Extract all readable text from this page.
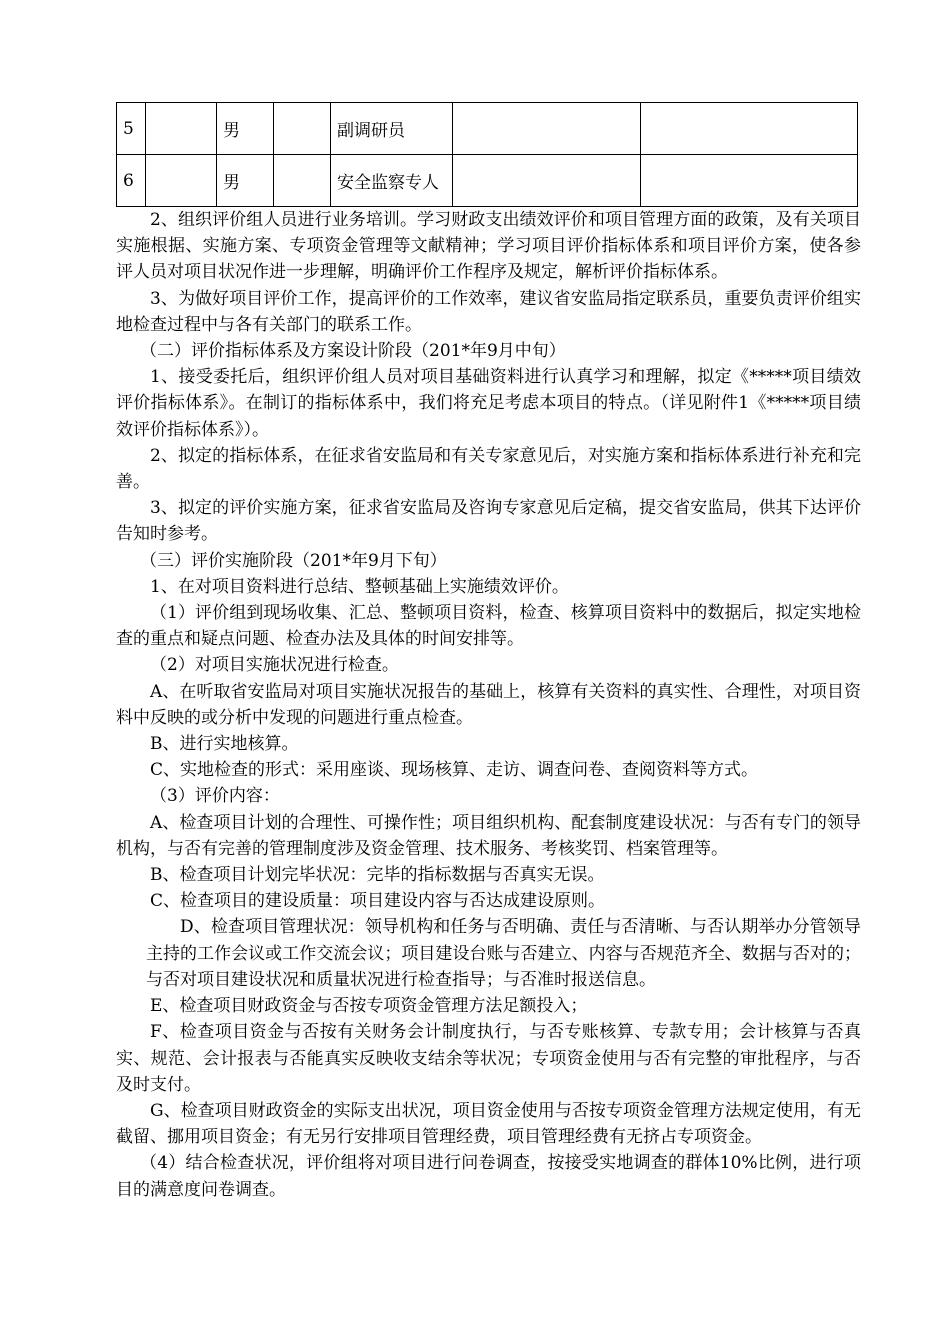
5		男		副调研员		
6		男		安全监察专人		

2、组织评价组人员进行业务培训。学习财政支出绩效评价和项目管理方面的政策，及有关项目实施根据、实施方案、专项资金管理等文献精神；学习项目评价指标体系和项目评价方案，使各参评人员对项目状况作进一步理解，明确评价工作程序及规定，解析评价指标体系。

3、为做好项目评价工作，提高评价的工作效率，建议省安监局指定联系员，重要负责评价组实地检查过程中与各有关部门的联系工作。

（二）评价指标体系及方案设计阶段（201*年9月中旬）

1、接受委托后，组织评价组人员对项目基础资料进行认真学习和理解，拟定《*****项目绩效评价指标体系》。在制订的指标体系中，我们将充足考虑本项目的特点。（详见附件1《*****项目绩效评价指标体系》）。

2、拟定的指标体系，在征求省安监局和有关专家意见后，对实施方案和指标体系进行补充和完善。

3、拟定的评价实施方案，征求省安监局及咨询专家意见后定稿，提交省安监局，供其下达评价告知时参考。

（三）评价实施阶段（201*年9月下旬）

1、在对项目资料进行总结、整顿基础上实施绩效评价。

（1）评价组到现场收集、汇总、整顿项目资料，检查、核算项目资料中的数据后，拟定实地检查的重点和疑点问题、检查办法及具体的时间安排等。

（2）对项目实施状况进行检查。

A、在听取省安监局对项目实施状况报告的基础上，核算有关资料的真实性、合理性，对项目资料中反映的或分析中发现的问题进行重点检查。

B、进行实地核算。

C、实地检查的形式：采用座谈、现场核算、走访、调查问卷、查阅资料等方式。

（3）评价内容：

A、检查项目计划的合理性、可操作性；项目组织机构、配套制度建设状况：与否有专门的领导机构，与否有完善的管理制度涉及资金管理、技术服务、考核奖罚、档案管理等。

B、检查项目计划完毕状况：完毕的指标数据与否真实无误。

C、检查项目的建设质量：项目建设内容与否达成建设原则。

D、检查项目管理状况：领导机构和任务与否明确、责任与否清晰、与否认期举办分管领导主持的工作会议或工作交流会议；项目建设台账与否建立、内容与否规范齐全、数据与否对的；与否对项目建设状况和质量状况进行检查指导；与否准时报送信息。

E、检查项目财政资金与否按专项资金管理方法足额投入；

F、检查项目资金与否按有关财务会计制度执行，与否专账核算、专款专用；会计核算与否真实、规范、会计报表与否能真实反映收支结余等状况；专项资金使用与否有完整的审批程序，与否及时支付。

G、检查项目财政资金的实际支出状况，项目资金使用与否按专项资金管理方法规定使用，有无截留、挪用项目资金；有无另行安排项目管理经费，项目管理经费有无挤占专项资金。

（4）结合检查状况，评价组将对项目进行问卷调查，按接受实地调查的群体10%比例，进行项目的满意度问卷调查。
